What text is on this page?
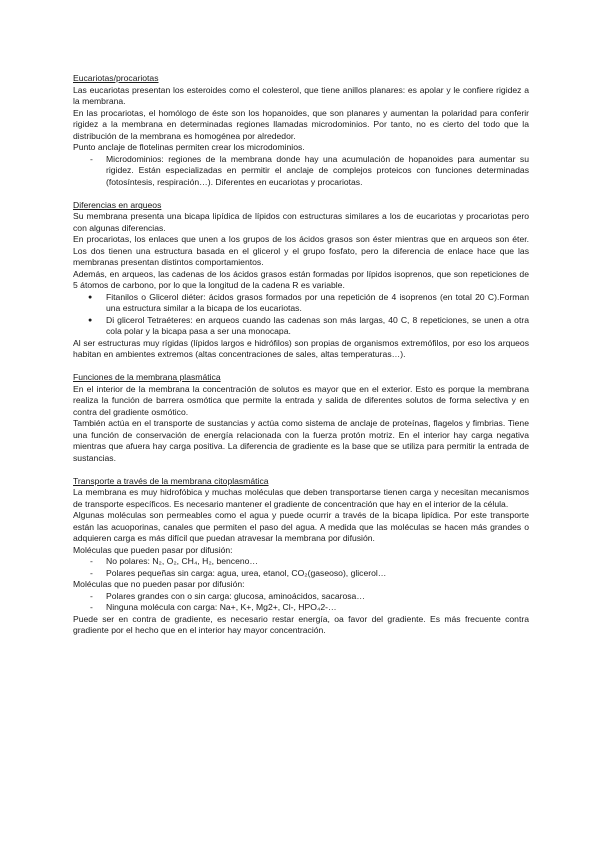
Eucariotas/procariotas

Las eucariotas presentan los esteroides como el colesterol, que tiene anillos planares: es apolar y le confiere rigidez a la membrana.

En las procariotas, el homólogo de éste son los hopanoides, que son planares y aumentan la polaridad para conferir rigidez a la membrana en determinadas regiones llamadas microdominios. Por tanto, no es cierto del todo que la distribución de la membrana es homogénea por alrededor.

Punto anclaje de flotelinas permiten crear los microdominios.

- Microdominios: regiones de la membrana donde hay una acumulación de hopanoides para aumentar su rigidez. Están especializadas en permitir el anclaje de complejos proteicos con funciones determinadas (fotosíntesis, respiración…). Diferentes en eucariotas y procariotas.

Diferencias en arqueos

Su membrana presenta una bicapa lipídica de lípidos con estructuras similares a los de eucariotas y procariotas pero con algunas diferencias.

En procariotas, los enlaces que unen a los grupos de los ácidos grasos son éster mientras que en arqueos son éter. Los dos tienen una estructura basada en el glicerol y el grupo fosfato, pero la diferencia de enlace hace que las membranas presentan distintos comportamientos.

Además, en arqueos, las cadenas de los ácidos grasos están formadas por lípidos isoprenos, que son repeticiones de 5 átomos de carbono, por lo que la longitud de la cadena R es variable.

● Fitanilos o Glicerol diéter: ácidos grasos formados por una repetición de 4 isoprenos (en total 20 C).Forman una estructura similar a la bicapa de los eucariotas.
● Di glicerol Tetraéteres: en arqueos cuando las cadenas son más largas, 40 C, 8 repeticiones, se unen a otra cola polar y la bicapa pasa a ser una monocapa.

Al ser estructuras muy rígidas (lípidos largos e hidrófilos) son propias de organismos extremófilos, por eso los arqueos habitan en ambientes extremos (altas concentraciones de sales, altas temperaturas…).

Funciones de la membrana plasmática

En el interior de la membrana la concentración de solutos es mayor que en el exterior. Esto es porque la membrana realiza la función de barrera osmótica que permite la entrada y salida de diferentes solutos de forma selectiva y en contra del gradiente osmótico.

También actúa en el transporte de sustancias y actúa como sistema de anclaje de proteínas, flagelos y fimbrias. Tiene una función de conservación de energía relacionada con la fuerza protón motriz. En el interior hay carga negativa mientras que afuera hay carga positiva. La diferencia de gradiente es la base que se utiliza para permitir la entrada de sustancias.

Transporte a través de la membrana citoplasmática

La membrana es muy hidrofóbica y muchas moléculas que deben transportarse tienen carga y necesitan mecanismos de transporte específicos. Es necesario mantener el gradiente de concentración que hay en el interior de la célula.

Algunas moléculas son permeables como el agua y puede ocurrir a través de la bicapa lipídica. Por este transporte están las acuoporinas, canales que permiten el paso del agua. A medida que las moléculas se hacen más grandes o adquieren carga es más difícil que puedan atravesar la membrana por difusión.

Moléculas que pueden pasar por difusión:

- No polares: N₂, O₂, CH₄, H₂, benceno…
- Polares pequeñas sin carga: agua, urea, etanol, CO₂(gaseoso), glicerol…

Moléculas que no pueden pasar por difusión:

- Polares grandes con o sin carga: glucosa, aminoácidos, sacarosa…
- Ninguna molécula con carga: Na+, K+, Mg2+, Cl-, HPO₄2-…

Puede ser en contra de gradiente, es necesario restar energía, oa favor del gradiente. Es más frecuente contra gradiente por el hecho que en el interior hay mayor concentración.
